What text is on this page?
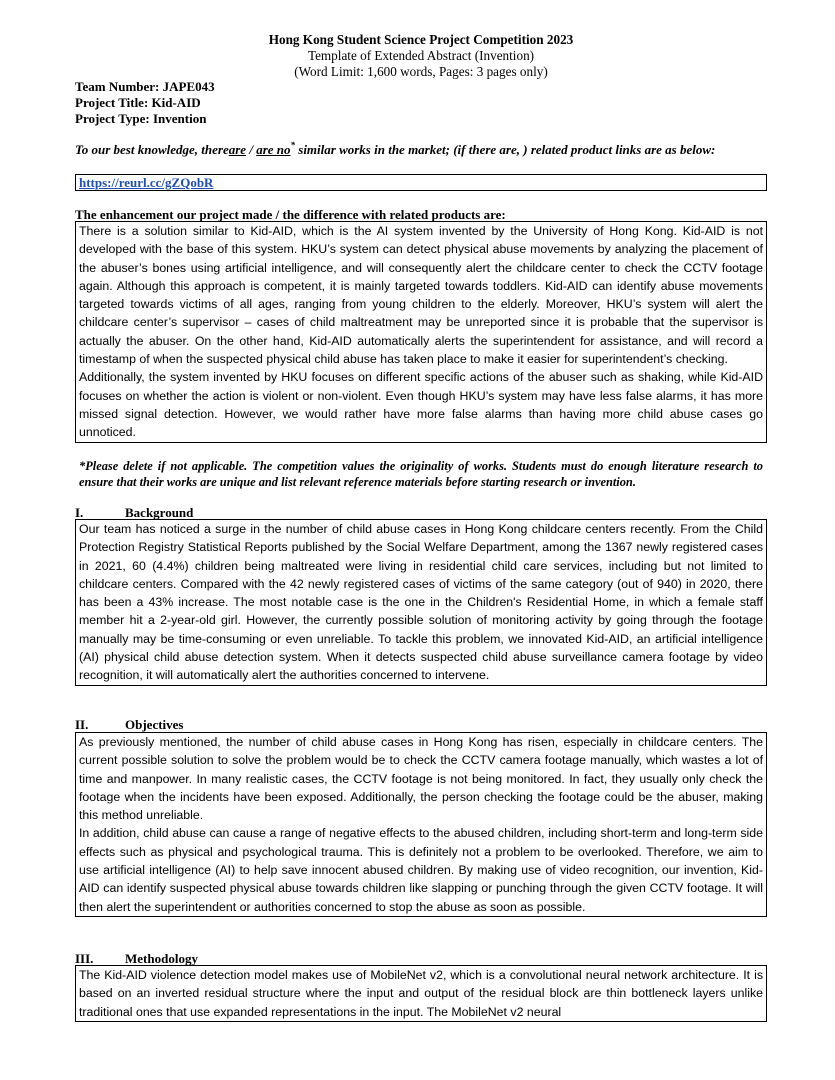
Hong Kong Student Science Project Competition 2023
Template of Extended Abstract (Invention)
(Word Limit: 1,600 words, Pages: 3 pages only)
Team Number: JAPE043
Project Title: Kid-AID
Project Type: Invention
To our best knowledge, thereare / are no* similar works in the market; (if there are, ) related product links are as below:
https://reurl.cc/gZQobR
The enhancement our project made / the difference with related products are:

There is a solution similar to Kid-AID, which is the AI system invented by the University of Hong Kong. Kid-AID is not developed with the base of this system. HKU’s system can detect physical abuse movements by analyzing the placement of the abuser’s bones using artificial intelligence, and will consequently alert the childcare center to check the CCTV footage again. Although this approach is competent, it is mainly targeted towards toddlers. Kid-AID can identify abuse movements targeted towards victims of all ages, ranging from young children to the elderly. Moreover, HKU’s system will alert the childcare center’s supervisor – cases of child maltreatment may be unreported since it is probable that the supervisor is actually the abuser. On the other hand, Kid-AID automatically alerts the superintendent for assistance, and will record a timestamp of when the suspected physical child abuse has taken place to make it easier for superintendent’s checking.

Additionally, the system invented by HKU focuses on different specific actions of the abuser such as shaking, while Kid-AID focuses on whether the action is violent or non-violent. Even though HKU’s system may have less false alarms, it has more missed signal detection. However, we would rather have more false alarms than having more child abuse cases go unnoticed.

*Please delete if not applicable. The competition values the originality of works. Students must do enough literature research to ensure that their works are unique and list relevant reference materials before starting research or invention.
I.	Background

Our team has noticed a surge in the number of child abuse cases in Hong Kong childcare centers recently. From the Child Protection Registry Statistical Reports published by the Social Welfare Department, among the 1367 newly registered cases in 2021, 60 (4.4%) children being maltreated were living in residential child care services, including but not limited to childcare centers. Compared with the 42 newly registered cases of victims of the same category (out of 940) in 2020, there has been a 43% increase. The most notable case is the one in the Children's Residential Home, in which a female staff member hit a 2-year-old girl. However, the currently possible solution of monitoring activity by going through the footage manually may be time-consuming or even unreliable. To tackle this problem, we innovated Kid-AID, an artificial intelligence (AI) physical child abuse detection system. When it detects suspected child abuse surveillance camera footage by video recognition, it will automatically alert the authorities concerned to intervene.

II.	Objectives

As previously mentioned, the number of child abuse cases in Hong Kong has risen, especially in childcare centers. The current possible solution to solve the problem would be to check the CCTV camera footage manually, which wastes a lot of time and manpower. In many realistic cases, the CCTV footage is not being monitored. In fact, they usually only check the footage when the incidents have been exposed. Additionally, the person checking the footage could be the abuser, making this method unreliable.

In addition, child abuse can cause a range of negative effects to the abused children, including short-term and long-term side effects such as physical and psychological trauma. This is definitely not a problem to be overlooked. Therefore, we aim to use artificial intelligence (AI) to help save innocent abused children. By making use of video recognition, our invention, Kid-AID can identify suspected physical abuse towards children like slapping or punching through the given CCTV footage. It will then alert the superintendent or authorities concerned to stop the abuse as soon as possible.

III. Methodology

The Kid-AID violence detection model makes use of MobileNet v2, which is a convolutional neural network architecture. It is based on an inverted residual structure where the input and output of the residual block are thin bottleneck layers unlike traditional ones that use expanded representations in the input. The MobileNet v2 neural
